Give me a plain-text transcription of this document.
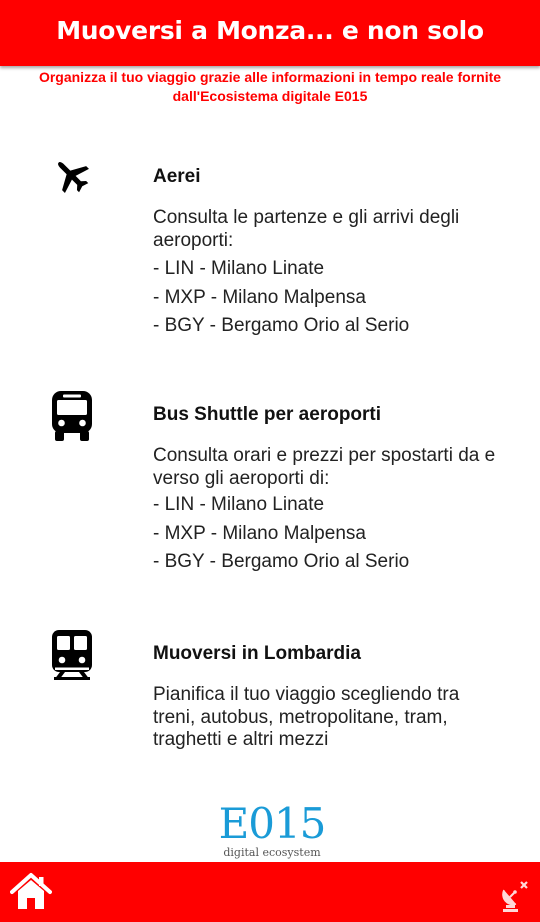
Muoversi a Monza... e non solo
Organizza il tuo viaggio grazie alle informazioni in tempo reale fornite dall'Ecosistema digitale E015
Aerei

Consulta le partenze e gli arrivi degli aeroporti:

- LIN - Milano Linate
- MXP - Milano Malpensa
- BGY - Bergamo Orio al Serio
Bus Shuttle per aeroporti

Consulta orari e prezzi per spostarti da e verso gli aeroporti di:

- LIN - Milano Linate
- MXP - Milano Malpensa
- BGY - Bergamo Orio al Serio
Muoversi in Lombardia

Pianifica il tuo viaggio scegliendo tra treni, autobus, metropolitane, tram, traghetti e altri mezzi

E015
digital ecosystem
